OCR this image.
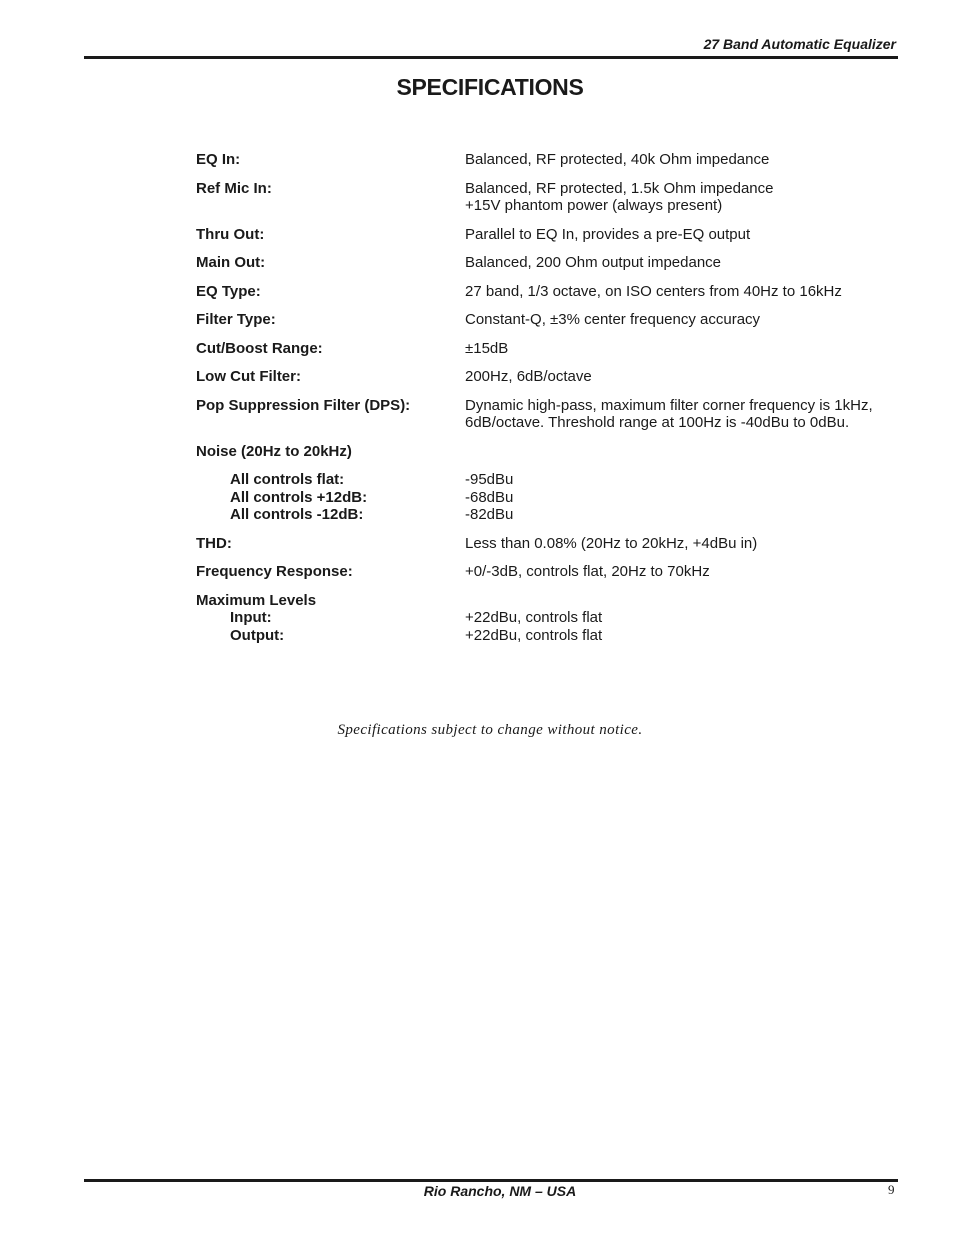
27 Band Automatic Equalizer
SPECIFICATIONS
EQ In:	Balanced, RF protected, 40k Ohm impedance
Ref Mic In:	Balanced, RF protected, 1.5k Ohm impedance
+15V phantom power (always present)
Thru Out:	Parallel to EQ In, provides a pre-EQ output
Main Out:	Balanced, 200 Ohm output impedance
EQ Type:	27 band, 1/3 octave, on ISO centers from 40Hz to 16kHz
Filter Type:	Constant-Q, ±3% center frequency accuracy
Cut/Boost Range:	±15dB
Low Cut Filter:	200Hz, 6dB/octave
Pop Suppression Filter (DPS):	Dynamic high-pass, maximum filter corner frequency is 1kHz,
6dB/octave. Threshold range at 100Hz is -40dBu to 0dBu.
Noise (20Hz to 20kHz)
All controls flat:	-95dBu
All controls +12dB:	-68dBu
All controls -12dB:	-82dBu
THD:	Less than 0.08% (20Hz to 20kHz, +4dBu in)
Frequency Response:	+0/-3dB, controls flat, 20Hz to 70kHz
Maximum Levels
Input:	+22dBu, controls flat
Output:	+22dBu, controls flat
Specifications subject to change without notice.
Rio Rancho, NM – USA	9
